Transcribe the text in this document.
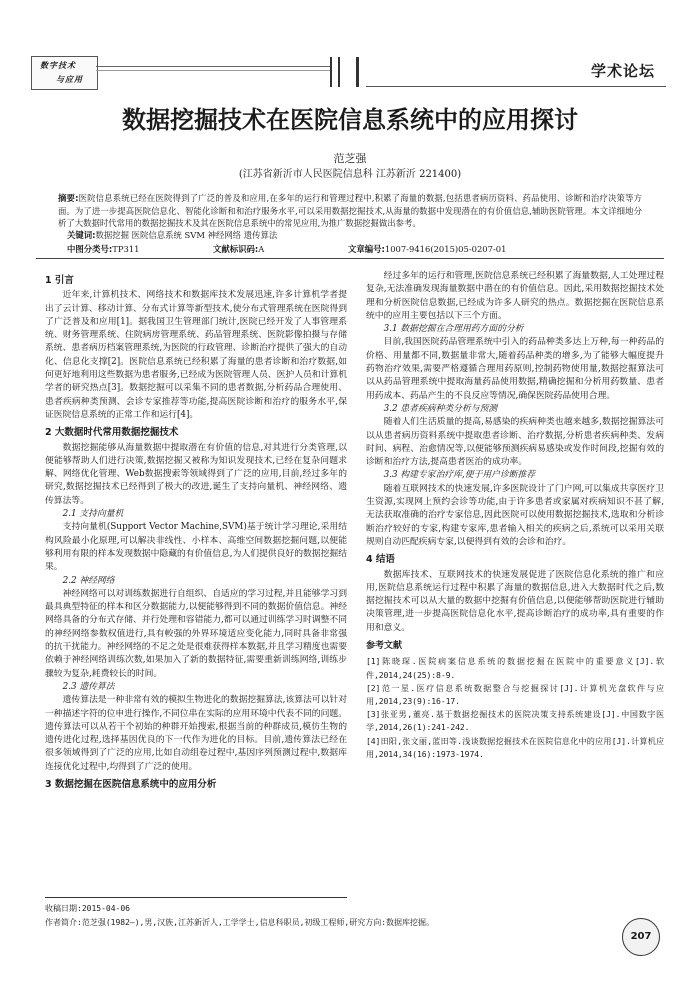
数字技术
与应用	学术论坛
数据挖掘技术在医院信息系统中的应用探讨
范芝强
(江苏省新沂市人民医院信息科 江苏新沂 221400)
摘要:医院信息系统已经在医院得到了广泛的普及和应用,在多年的运行和管理过程中,积累了海量的数据,包括患者病历资料、药品使用、诊断和治疗决策等方面。为了进一步提高医院信息化、智能化诊断和和治疗服务水平,可以采用数据挖掘技术,从海量的数据中发现潜在的有价值信息,辅助医院管理。本文详细地分析了大数据时代常用的数据挖掘技术及其在医院信息系统中的常见应用,为推广数据挖掘做出参考。
关键词:数据挖掘 医院信息系统 SVM 神经网络 遗传算法
中图分类号:TP311	文献标识码:A	文章编号:1007-9416(2015)05-0207-01
1 引言

近年来,计算机技术、网络技术和数据库技术发展迅速,许多计算机学者提出了云计算、移动计算、分布式计算等新型技术,使分布式管理系统在医院得到了广泛普及和应用[1]。据我国卫生管理部门统计,医院已经开发了人事管理系统、财务管理系统、住院病房管理系统、药品管理系统、医院影像拍摄与存储系统、患者病历档案管理系统,为医院的行政管理、诊断治疗提供了强大的自动化、信息化支撑[2]。医院信息系统已经积累了海量的患者诊断和治疗数据,如何更好地利用这些数据为患者服务,已经成为医院管理人员、医护人员和计算机学者的研究热点[3]。数据挖掘可以采集不同的患者数据,分析药品合理使用、患者疾病种类预测、会诊专家推荐等功能,提高医院诊断和治疗的服务水平,保证医院信息系统的正常工作和运行[4]。

2 大数据时代常用数据挖掘技术

数据挖掘能够从海量数据中提取潜在有价值的信息,对其进行分类管理,以便能够帮助人们进行决策,数据挖掘又被称为知识发现技术,已经在复杂问题求解、网络优化管理、Web数据搜索等领域得到了广泛的应用,目前,经过多年的研究,数据挖掘技术已经得到了极大的改进,诞生了支持向量机、神经网络、遗传算法等。

2.1 支持向量机

支持向量机(Support Vector Machine,SVM)基于统计学习理论,采用结构风险最小化原理,可以解决非线性、小样本、高维空间数据挖掘问题,以便能够利用有限的样本发现数据中隐藏的有价值信息,为人们提供良好的数据挖掘结果。

2.2 神经网络

神经网络可以对训练数据进行自组织、自适应的学习过程,并且能够学习到最具典型特征的样本和区分数据能力,以便能够得到不同的数据价值信息。神经网络具备的分布式存储、并行处理和容错能力,都可以通过训练学习时调整不同的神经网络参数权值进行,具有較强的外界环境适应变化能力,同时具备非常强的抗干扰能力。神经网络的不足之处是很难获得样本数据,并且学习精度也需要依赖于神经网络训练次数,如果加入了新的数据特征,需要重新训练网络,训练步骤较为复杂,耗费较长的时间。

2.3 遗传算法

遗传算法是一种非常有效的模拟生物进化的数据挖掘算法,该算法可以针对一种描述字符的位申进行操作,不同位串在实际的应用环境中代表不同的问题。遗传算法可以从若干个初始的种群开始搜索,根据当前的种群成员,模仿生物的遗传进化过程,选择基因优良的下一代作为进化的目标。目前,遗传算法已经在很多领域得到了广泛的应用,比如自动组卷过程中,基因序列预测过程中,数据库连接优化过程中,均得到了广泛的使用。

3 数据挖掘在医院信息系统中的应用分析

经过多年的运行和管理,医院信息系统已经积累了海量数据,人工处理过程复杂,无法准确发现海量数据中潜在的有价值信息。因此,采用数据挖掘技术处理和分析医院信息数据,已经成为许多人研究的热点。数据挖掘在医院信息系统中的应用主要包括以下三个方面。

3.1 数据挖掘在合理用药方面的分析

目前,我国医院药品管理系统中引入的药品种类多达上万种,每一种药品的价格、用量都不同,数据量非常大,随着药品种类的增多,为了能够大幅度提升药物治疗效果,需要严格遵循合理用药原则,控制药物使用量,数据挖掘算法可以从药品管理系统中提取海量药品使用数据,精确挖掘和分析用药数量、患者用药成本、药品产生的不良反应等情况,确保医院药品使用合理。

3.2 患者疾病种类分析与预测

随着人们生活质量的提高,易感染的疾病种类也越来越多,数据挖掘算法可以从患者病历资料系统中提取患者诊断、治疗数据,分析患者疾病种类、发病时间、病程、治愈情况等,以便能够预测疾病易感染或发作时间段,挖掘有效的诊断和治疗方法,提高患者医治的成功率。

3.3 构建专家治疗库,便于用户诊断推荐

随着互联网技术的快速发展,许多医院设计了门户网,可以集成共享医疗卫生资源,实现网上预约会诊等功能,由于许多患者或家属对疾病知识不甚了解,无法获取准确的治疗专家信息,因此医院可以使用数据挖掘技术,选取和分析诊断治疗较好的专家,构建专家库,患者输入相关的疾病之后,系统可以采用关联规则自动匹配疾病专家,以便得到有效的会诊和治疗。

4 结语

数据库技术、互联网技术的快速发展促进了医院信息化系统的推广和应用,医院信息系统运行过程中积累了海量的数据信息,进入大数据时代之后,数据挖掘技术可以从大量的数据中挖掘有价值信息,以便能够帮助医院进行辅助决策管理,进一步提高医院信息化水平,提高诊断治疗的成功率,具有重要的作用和意义。

参考文献
[1]陈晓琛.医院病案信息系统的数据挖掘在医院中的重要意义[J].软件,2014,24(25):8-9.
[2]范一星.医疗信息系统数据整合与挖掘探讨[J].计算机光盘软件与应用,2014,23(9):16-17.
[3]张亚男,董亮.基于数据挖掘技术的医院决策支持系统建设[J].中国数字医学,2014,26(1):241-242.
[4]田阳,张文丽,蓝田等.浅谈数据挖掘技术在医院信息化中的应用[J].计算机应用,2014,34(16):1973-1974.
收稿日期:2015-04-06
作者简介:范芝强(1982—),男,汉族,江苏新沂人,工学学士,信息科职员,初级工程师,研究方向:数据库挖掘。
207
